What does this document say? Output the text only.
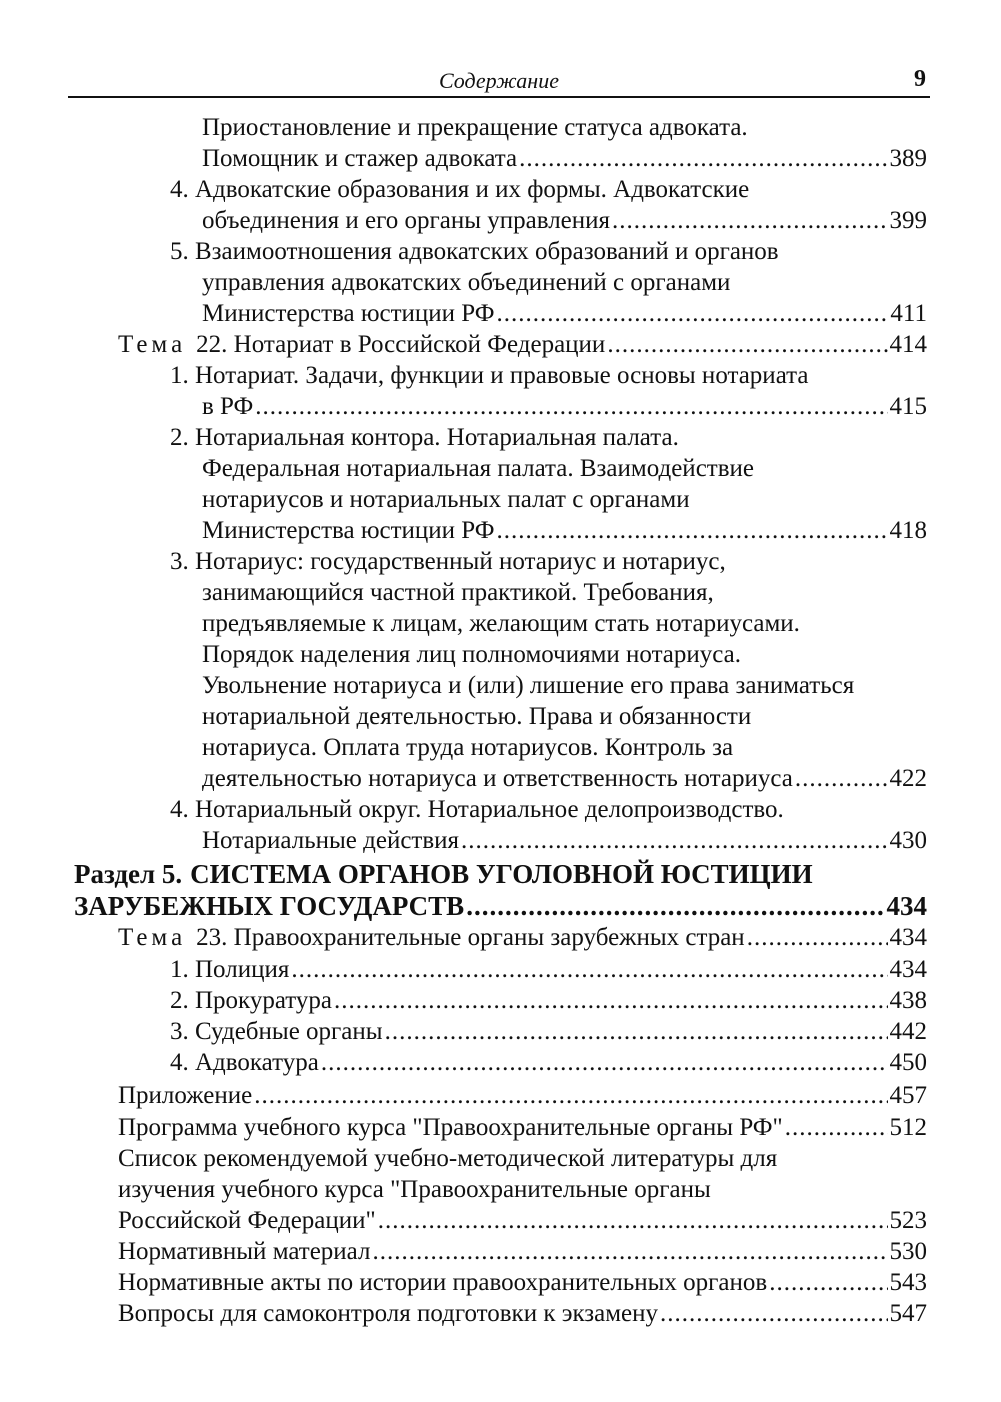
Содержание	9
Приостановление и прекращение статуса адвоката.
Помощник и стажер адвоката .....	389
4. Адвокатские образования и их формы. Адвокатские
объединения и его органы управления .....	399
5. Взаимоотношения адвокатских образований и органов
управления адвокатских объединений с органами
Министерства юстиции РФ .....	411
Тема 22. Нотариат в Российской Федерации .....	414
1. Нотариат. Задачи, функции и правовые основы нотариата
в РФ .....	415
2. Нотариальная контора. Нотариальная палата.
Федеральная нотариальная палата. Взаимодействие
нотариусов и нотариальных палат с органами
Министерства юстиции РФ .....	418
3. Нотариус: государственный нотариус и нотариус,
занимающийся частной практикой. Требования,
предъявляемые к лицам, желающим стать нотариусами.
Порядок наделения лиц полномочиями нотариуса.
Увольнение нотариуса и (или) лишение его права заниматься
нотариальной деятельностью. Права и обязанности
нотариуса. Оплата труда нотариусов. Контроль за
деятельностью нотариуса и ответственность нотариуса .....	422
4. Нотариальный округ. Нотариальное делопроизводство.
Нотариальные действия .....	430
Раздел 5. СИСТЕМА ОРГАНОВ УГОЛОВНОЙ ЮСТИЦИИ
ЗАРУБЕЖНЫХ ГОСУДАРСТВ .....	434
Тема 23. Правоохранительные органы зарубежных стран .....	434
1. Полиция .....	434
2. Прокуратура .....	438
3. Судебные органы .....	442
4. Адвокатура .....	450
Приложение .....	457
Программа учебного курса "Правоохранительные органы РФ" .....	512
Список рекомендуемой учебно-методической литературы для
изучения учебного курса "Правоохранительные органы
Российской Федерации" .....	523
Нормативный материал .....	530
Нормативные акты по истории правоохранительных органов .....	543
Вопросы для самоконтроля подготовки к экзамену .....	547
